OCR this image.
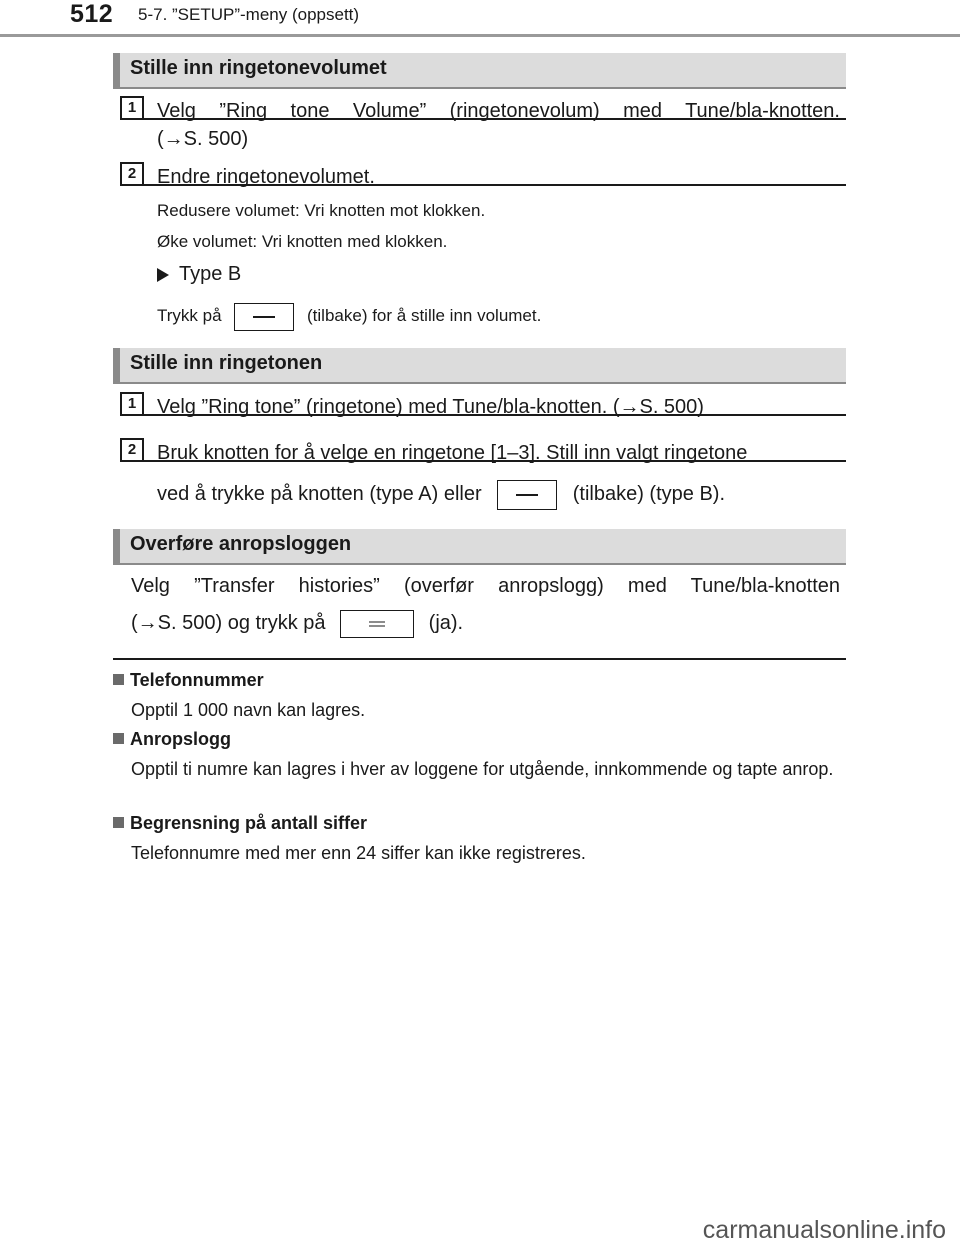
512 5-7. ”SETUP”-meny (oppsett)
Stille inn ringetonevolumet
1	Velg ”Ring tone Volume” (ringetonevolum) med Tune/bla-knotten.
(→S. 500)
2	Endre ringetonevolumet.
Redusere volumet: Vri knotten mot klokken.
Øke volumet: Vri knotten med klokken.
Type B
Trykk på	(tilbake) for å stille inn volumet.
Stille inn ringetonen
1	Velg ”Ring tone” (ringetone) med Tune/bla-knotten. (→S. 500)
2	Bruk knotten for å velge en ringetone [1–3]. Still inn valgt ringetone
ved å trykke på knotten (type A) eller	(tilbake) (type B).
Overføre anropsloggen
Velg ”Transfer histories” (overfør anropslogg) med Tune/bla-knotten
(→S. 500) og trykk på	(ja).
Telefonnummer
Opptil 1 000 navn kan lagres.
Anropslogg
Opptil ti numre kan lagres i hver av loggene for utgående, innkommende og tapte anrop.
Begrensning på antall siffer
Telefonnumre med mer enn 24 siffer kan ikke registreres.
carmanualsonline.info
